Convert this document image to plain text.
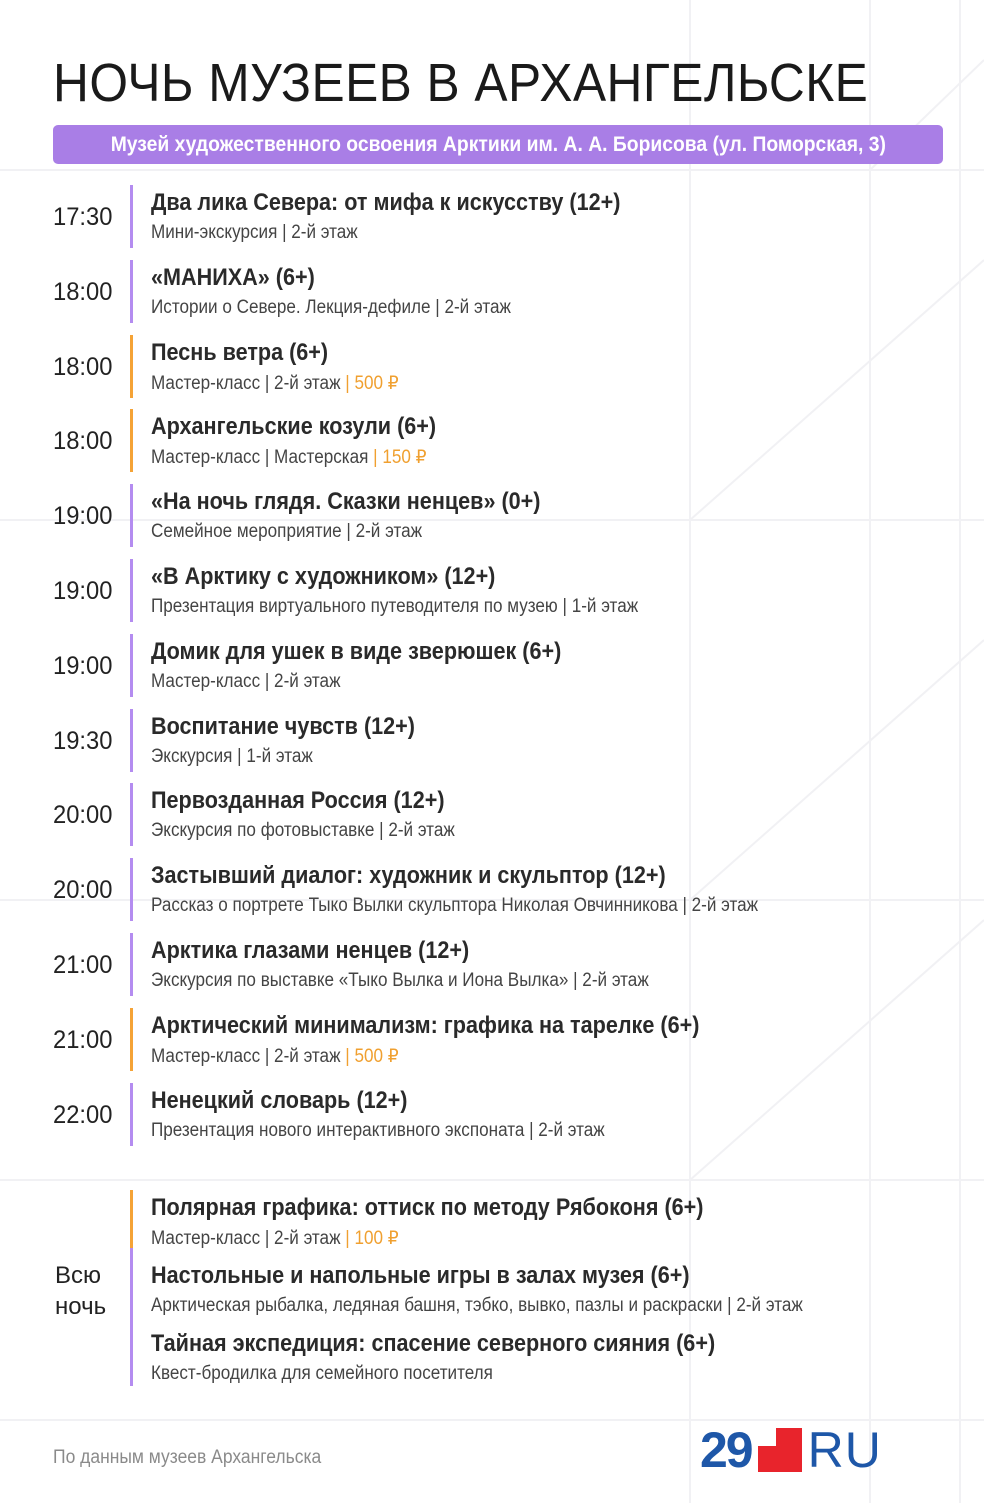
НОЧЬ МУЗЕЕВ В АРХАНГЕЛЬСКЕ
Музей художественного освоения Арктики им. А. А. Борисова (ул. Поморская, 3)
17:30
Два лика Севера: от мифа к искусству (12+)
Мини-экскурсия | 2-й этаж
18:00
«МАНИХА» (6+)
Истории о Севере. Лекция-дефиле | 2-й этаж
18:00
Песнь ветра (6+)
Мастер-класс | 2-й этаж | 500 ₽
18:00
Архангельские козули (6+)
Мастер-класс | Мастерская | 150 ₽
19:00
«На ночь глядя. Сказки ненцев» (0+)
Семейное мероприятие | 2-й этаж
19:00
«В Арктику с художником» (12+)
Презентация виртуального путеводителя по музею | 1-й этаж
19:00
Домик для ушек в виде зверюшек (6+)
Мастер-класс | 2-й этаж
19:30
Воспитание чувств (12+)
Экскурсия | 1-й этаж
20:00
Первозданная Россия (12+)
Экскурсия по фотовыставке | 2-й этаж
20:00
Застывший диалог: художник и скульптор (12+)
Рассказ о портрете Тыко Вылки скульптора Николая Овчинникова | 2-й этаж
21:00
Арктика глазами ненцев (12+)
Экскурсия по выставке «Тыко Вылка и Иона Вылка» | 2-й этаж
21:00
Арктический минимализм: графика на тарелке (6+)
Мастер-класс | 2-й этаж | 500 ₽
22:00
Ненецкий словарь (12+)
Презентация нового интерактивного экспоната | 2-й этаж
Всю
ночь
Полярная графика: оттиск по методу Рябоконя (6+)
Мастер-класс | 2-й этаж | 100 ₽
Настольные и напольные игры в залах музея (6+)
Арктическая рыбалка, ледяная башня, тэбко, вывко, пазлы и раскраски | 2-й этаж
Тайная экспедиция: спасение северного сияния (6+)
Квест-бродилка для семейного посетителя
По данным музеев Архангельска	29 RU
